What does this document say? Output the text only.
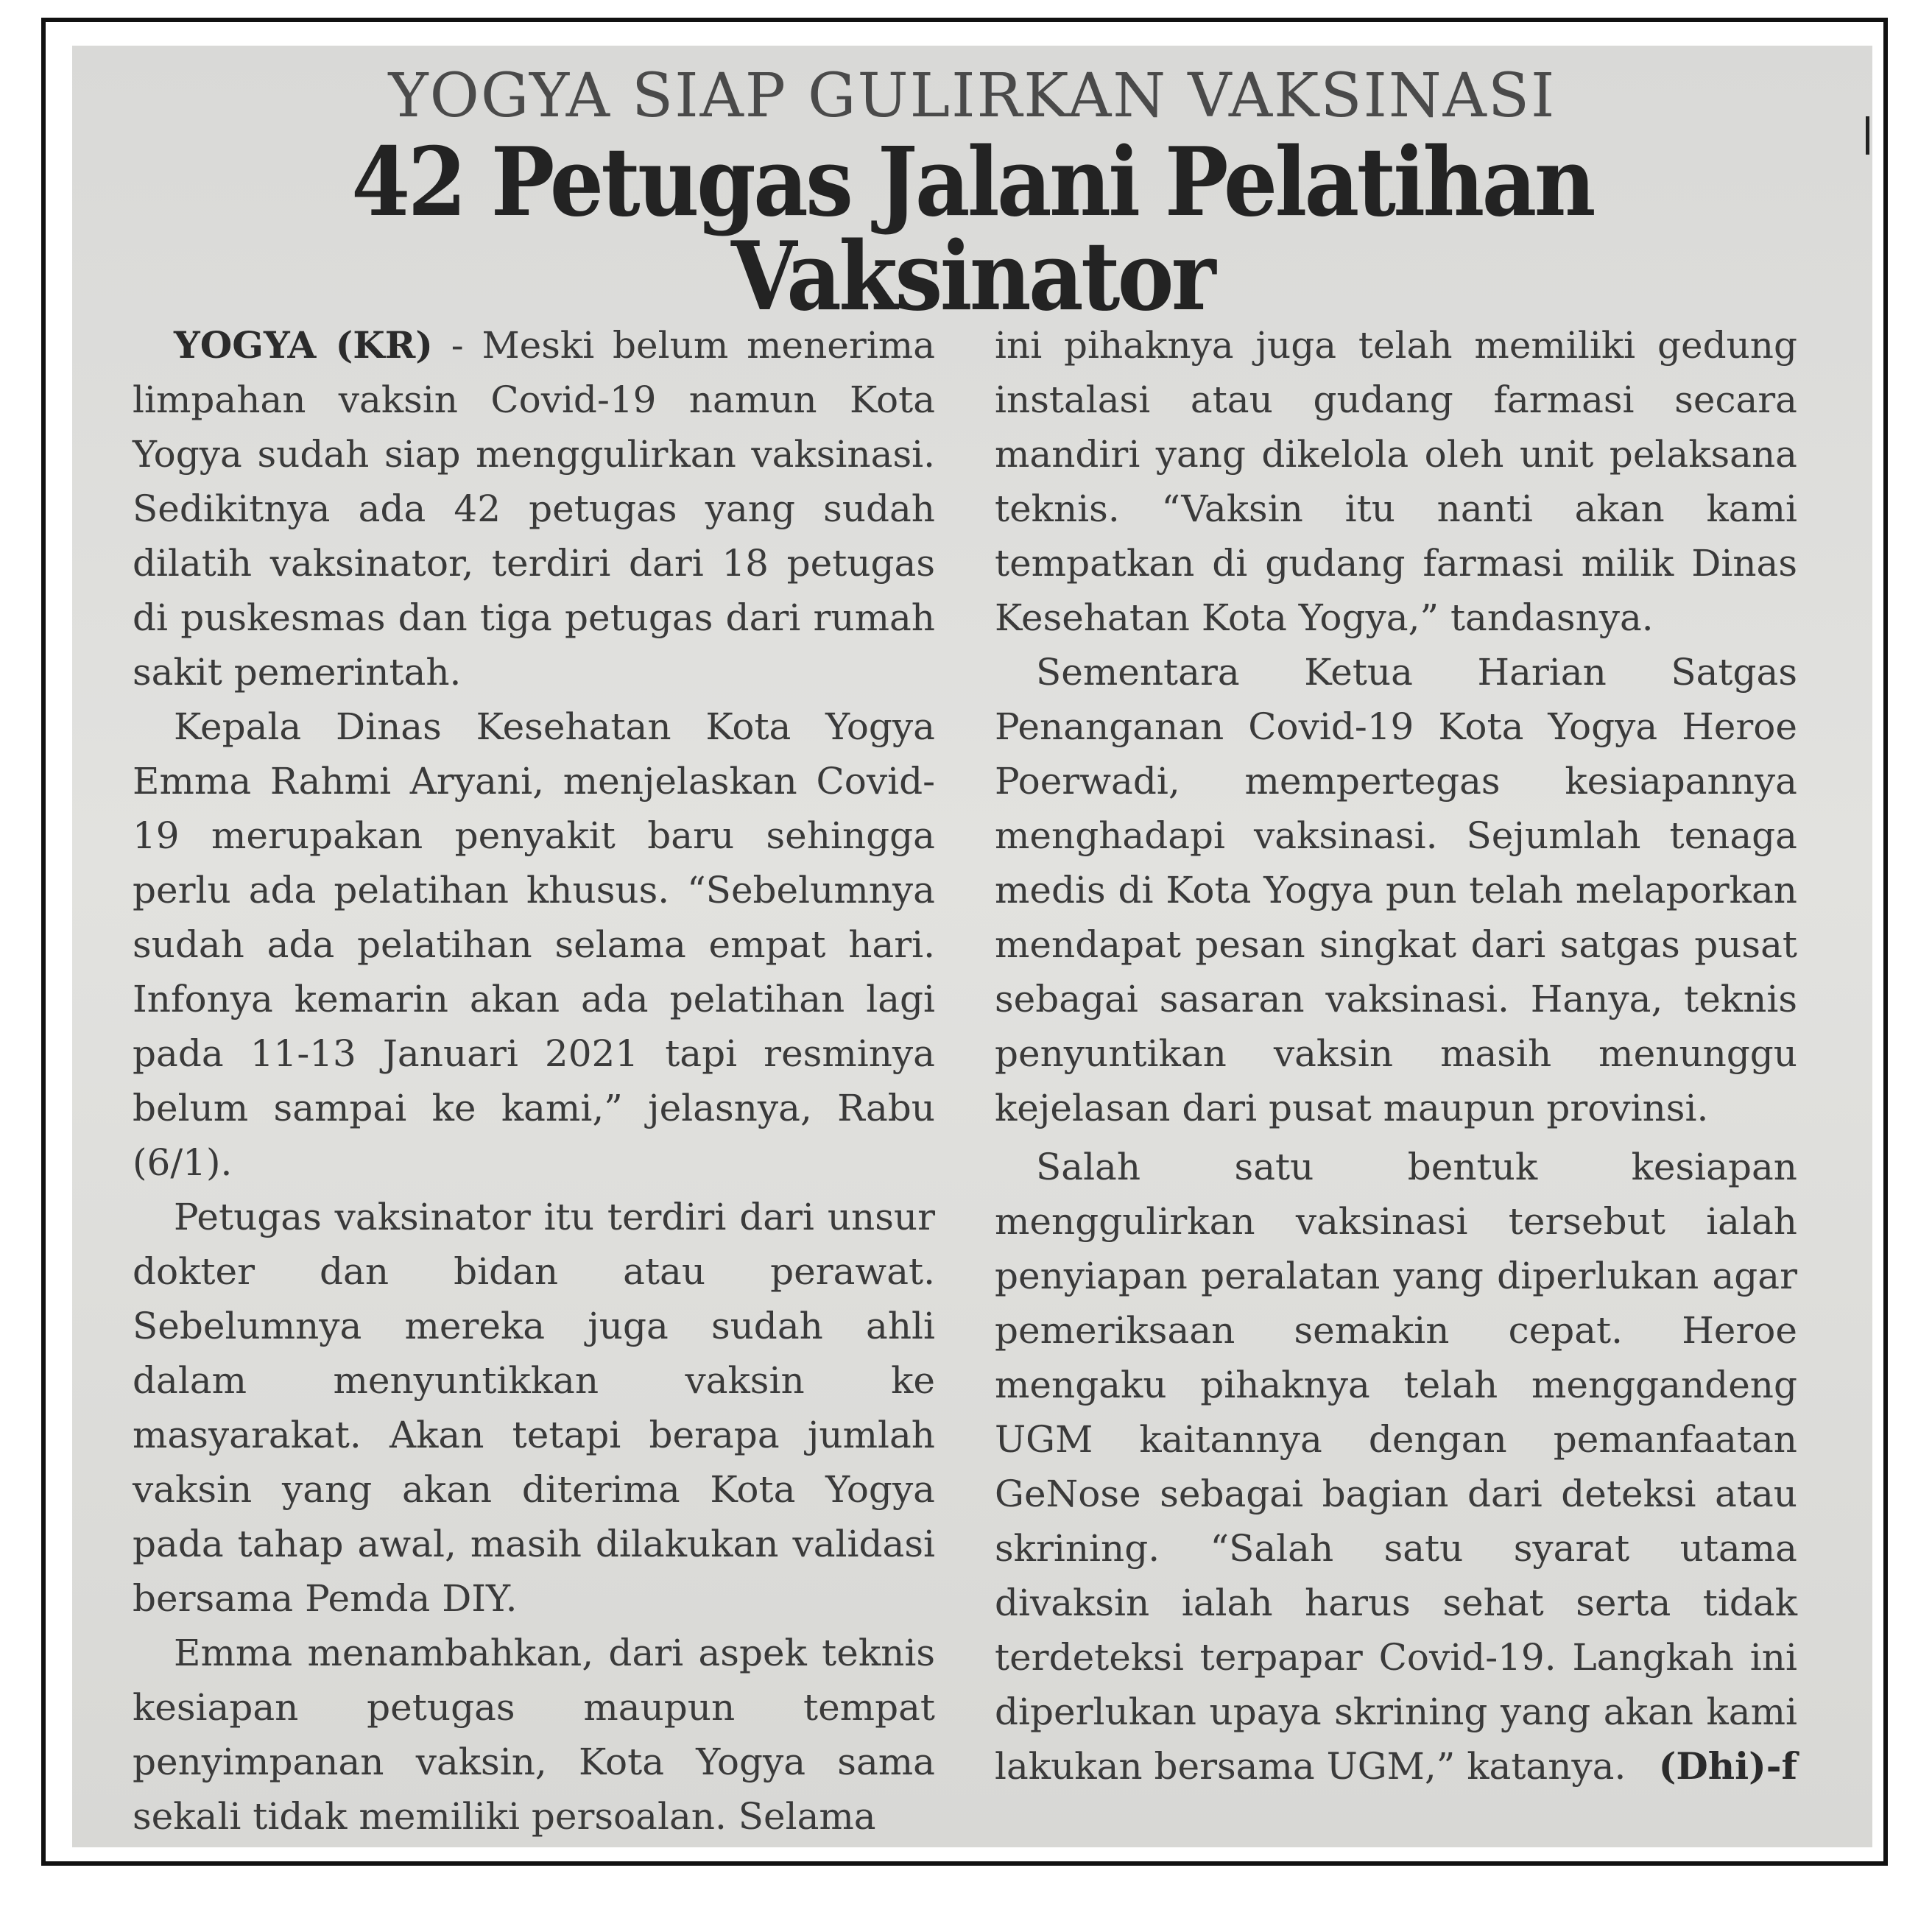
YOGYA SIAP GULIRKAN VAKSINASI
42 Petugas Jalani Pelatihan Vaksinator

YOGYA (KR) - Meski belum menerima limpahan vaksin Covid-19 namun Kota Yogya sudah siap menggulirkan vaksinasi. Sedikitnya ada 42 petugas yang sudah dilatih vaksinator, terdiri dari 18 petugas di puskesmas dan tiga petugas dari rumah sakit pemerintah.

Kepala Dinas Kesehatan Kota Yogya Emma Rahmi Aryani, menjelaskan Covid-19 merupakan penyakit baru sehingga perlu ada pelatihan khusus. “Sebelumnya sudah ada pelatihan selama empat hari. Infonya kemarin akan ada pelatihan lagi pada 11-13 Januari 2021 tapi resminya belum sampai ke kami,” jelasnya, Rabu (6/1).

Petugas vaksinator itu terdiri dari unsur dokter dan bidan atau perawat. Sebelumnya mereka juga sudah ahli dalam menyuntikkan vaksin ke masyarakat. Akan tetapi berapa jumlah vaksin yang akan diterima Kota Yogya pada tahap awal, masih dilakukan validasi bersama Pemda DIY.

Emma menambahkan, dari aspek teknis kesiapan petugas maupun tempat penyimpanan vaksin, Kota Yogya sama sekali tidak memiliki persoalan. Selama

ini pihaknya juga telah memiliki gedung instalasi atau gudang farmasi secara mandiri yang dikelola oleh unit pelaksana teknis. “Vaksin itu nanti akan kami tempatkan di gudang farmasi milik Dinas Kesehatan Kota Yogya,” tandasnya.

Sementara Ketua Harian Satgas Penanganan Covid-19 Kota Yogya Heroe Poerwadi, mempertegas kesiapannya menghadapi vaksinasi. Sejumlah tenaga medis di Kota Yogya pun telah melaporkan mendapat pesan singkat dari satgas pusat sebagai sasaran vaksinasi. Hanya, teknis penyuntikan vaksin masih menunggu kejelasan dari pusat maupun provinsi.

Salah satu bentuk kesiapan menggulirkan vaksinasi tersebut ialah penyiapan peralatan yang diperlukan agar pemeriksaan semakin cepat. Heroe mengaku pihaknya telah menggandeng UGM kaitannya dengan pemanfaatan GeNose sebagai bagian dari deteksi atau skrining. “Salah satu syarat utama divaksin ialah harus sehat serta tidak terdeteksi terpapar Covid-19. Langkah ini diperlukan upaya skrining yang akan kami lakukan bersama UGM,” katanya. (Dhi)-f
